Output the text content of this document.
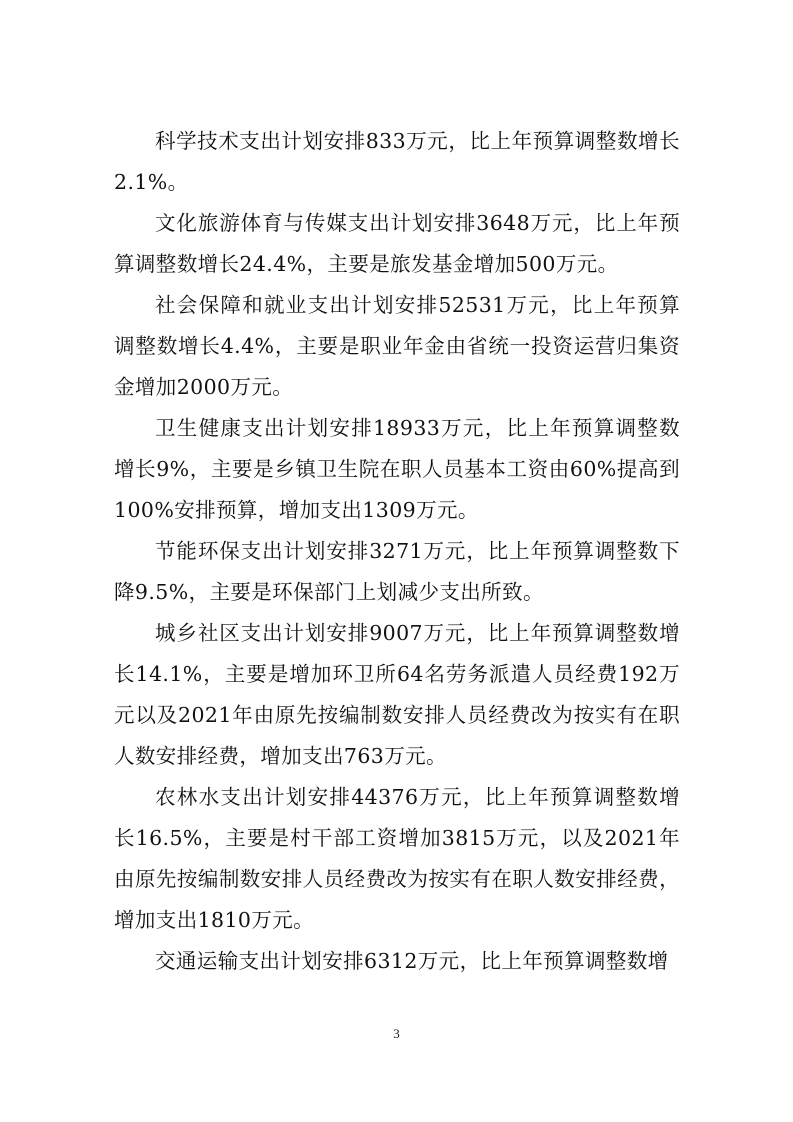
科学技术支出计划安排833万元，比上年预算调整数增长2.1%。

文化旅游体育与传媒支出计划安排3648万元，比上年预算调整数增长24.4%，主要是旅发基金增加500万元。

社会保障和就业支出计划安排52531万元，比上年预算调整数增长4.4%，主要是职业年金由省统一投资运营归集资金增加2000万元。

卫生健康支出计划安排18933万元，比上年预算调整数增长9%，主要是乡镇卫生院在职人员基本工资由60%提高到100%安排预算，增加支出1309万元。

节能环保支出计划安排3271万元，比上年预算调整数下降9.5%，主要是环保部门上划减少支出所致。

城乡社区支出计划安排9007万元，比上年预算调整数增长14.1%，主要是增加环卫所64名劳务派遣人员经费192万元以及2021年由原先按编制数安排人员经费改为按实有在职人数安排经费，增加支出763万元。

农林水支出计划安排44376万元，比上年预算调整数增长16.5%，主要是村干部工资增加3815万元，以及2021年由原先按编制数安排人员经费改为按实有在职人数安排经费，增加支出1810万元。

交通运输支出计划安排6312万元，比上年预算调整数增

3
